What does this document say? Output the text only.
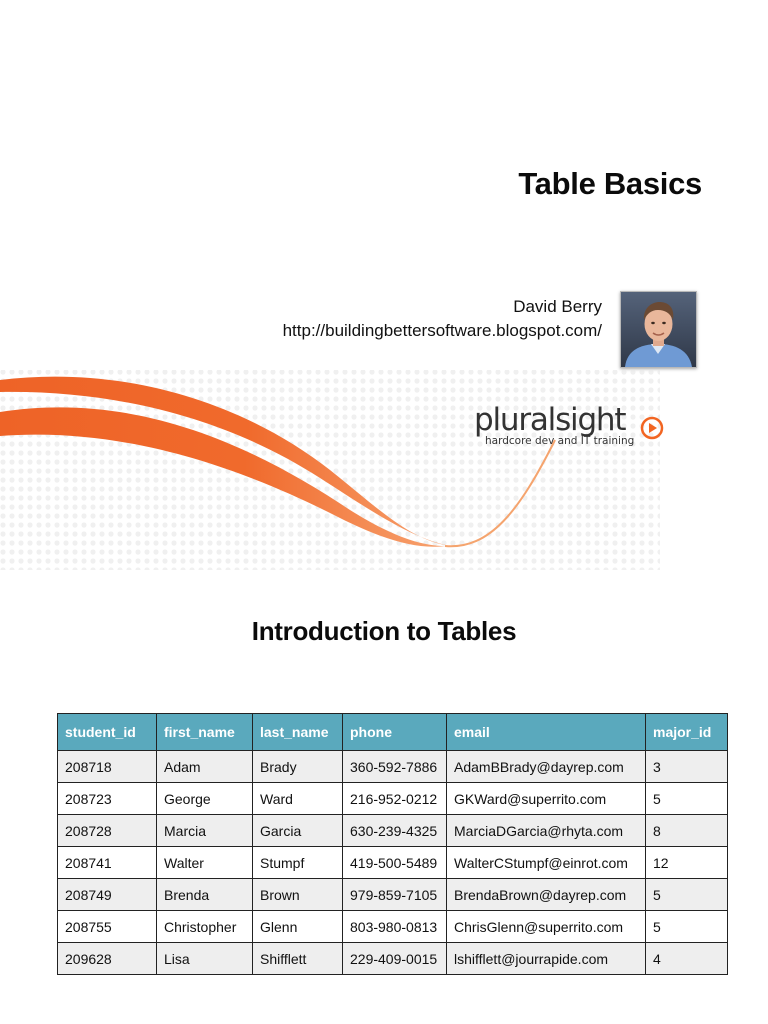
Table Basics
David Berry
http://buildingbettersoftware.blogspot.com/
pluralsight
hardcore dev and IT training
Introduction to Tables
student_id	first_name	last_name	phone	email	major_id
208718	Adam	Brady	360-592-7886	AdamBBrady@dayrep.com	3
208723	George	Ward	216-952-0212	GKWard@superrito.com	5
208728	Marcia	Garcia	630-239-4325	MarciaDGarcia@rhyta.com	8
208741	Walter	Stumpf	419-500-5489	WalterCStumpf@einrot.com	12
208749	Brenda	Brown	979-859-7105	BrendaBrown@dayrep.com	5
208755	Christopher	Glenn	803-980-0813	ChrisGlenn@superrito.com	5
209628	Lisa	Shifflett	229-409-0015	lshifflett@jourrapide.com	4
